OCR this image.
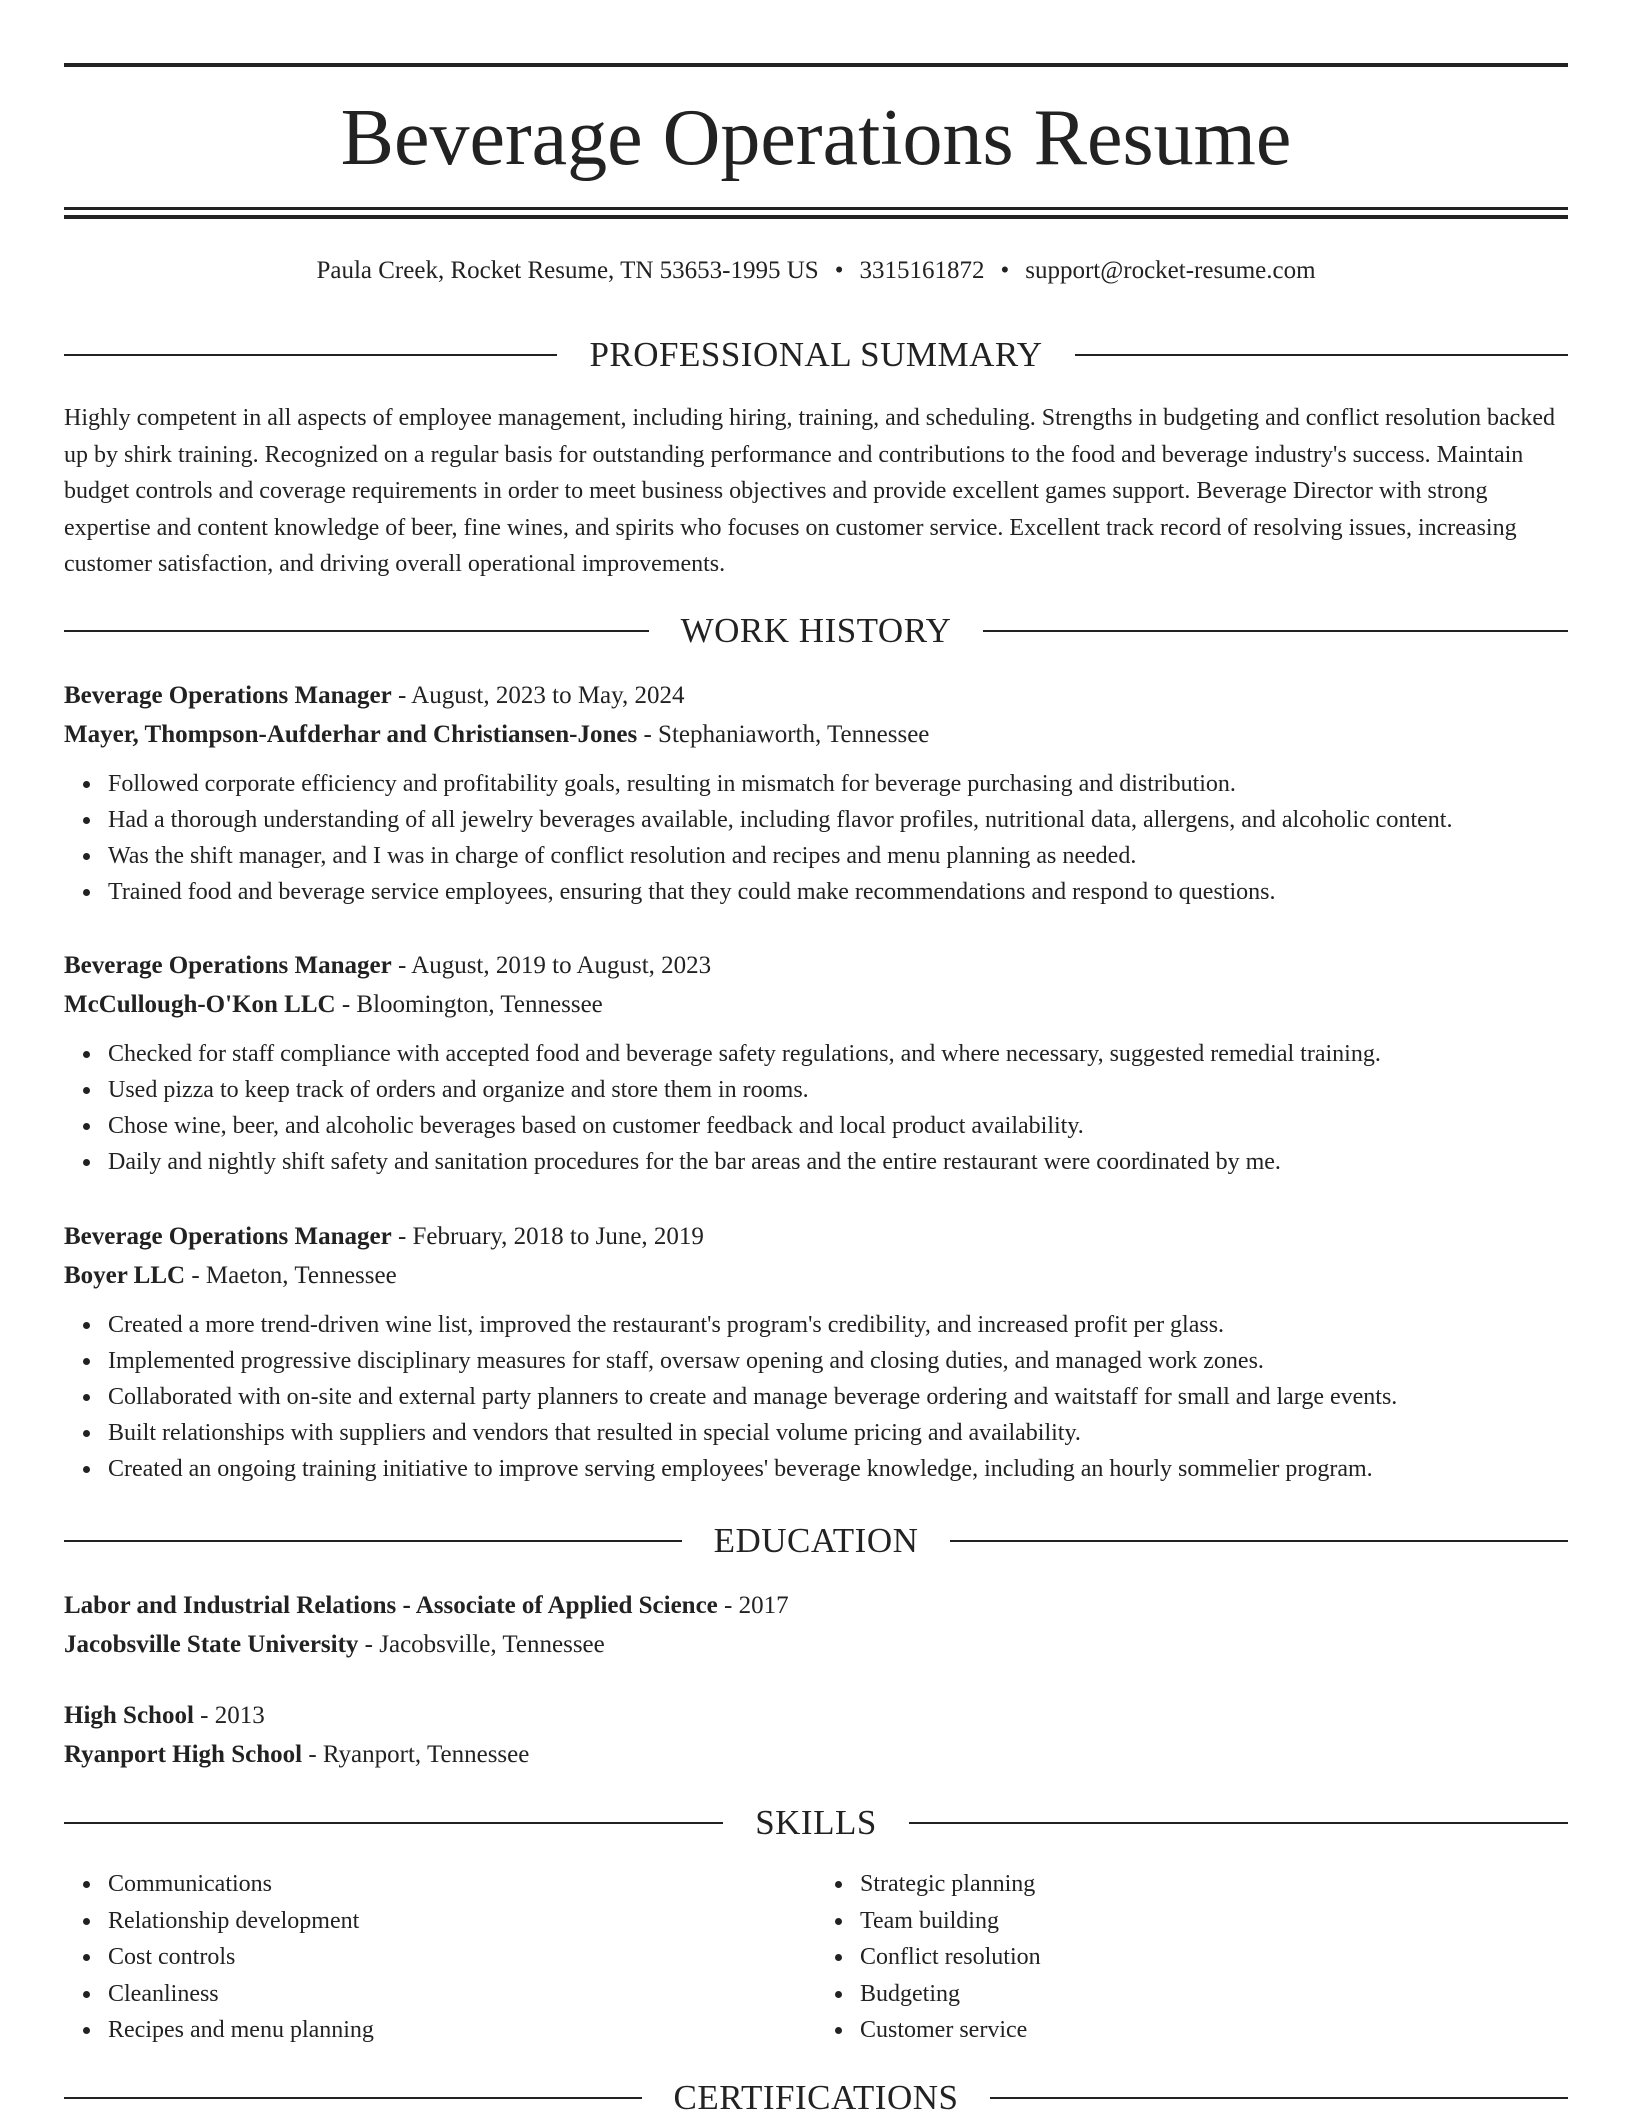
Beverage Operations Resume
Paula Creek, Rocket Resume, TN 53653-1995 US • 3315161872 • support@rocket-resume.com
PROFESSIONAL SUMMARY
Highly competent in all aspects of employee management, including hiring, training, and scheduling. Strengths in budgeting and conflict resolution backed up by shirk training. Recognized on a regular basis for outstanding performance and contributions to the food and beverage industry's success. Maintain budget controls and coverage requirements in order to meet business objectives and provide excellent games support. Beverage Director with strong expertise and content knowledge of beer, fine wines, and spirits who focuses on customer service. Excellent track record of resolving issues, increasing customer satisfaction, and driving overall operational improvements.
WORK HISTORY
Beverage Operations Manager - August, 2023 to May, 2024
Mayer, Thompson-Aufderhar and Christiansen-Jones - Stephaniaworth, Tennessee
Followed corporate efficiency and profitability goals, resulting in mismatch for beverage purchasing and distribution.
Had a thorough understanding of all jewelry beverages available, including flavor profiles, nutritional data, allergens, and alcoholic content.
Was the shift manager, and I was in charge of conflict resolution and recipes and menu planning as needed.
Trained food and beverage service employees, ensuring that they could make recommendations and respond to questions.
Beverage Operations Manager - August, 2019 to August, 2023
McCullough-O'Kon LLC - Bloomington, Tennessee
Checked for staff compliance with accepted food and beverage safety regulations, and where necessary, suggested remedial training.
Used pizza to keep track of orders and organize and store them in rooms.
Chose wine, beer, and alcoholic beverages based on customer feedback and local product availability.
Daily and nightly shift safety and sanitation procedures for the bar areas and the entire restaurant were coordinated by me.
Beverage Operations Manager - February, 2018 to June, 2019
Boyer LLC - Maeton, Tennessee
Created a more trend-driven wine list, improved the restaurant's program's credibility, and increased profit per glass.
Implemented progressive disciplinary measures for staff, oversaw opening and closing duties, and managed work zones.
Collaborated with on-site and external party planners to create and manage beverage ordering and waitstaff for small and large events.
Built relationships with suppliers and vendors that resulted in special volume pricing and availability.
Created an ongoing training initiative to improve serving employees' beverage knowledge, including an hourly sommelier program.
EDUCATION
Labor and Industrial Relations - Associate of Applied Science - 2017
Jacobsville State University - Jacobsville, Tennessee
High School - 2013
Ryanport High School - Ryanport, Tennessee
SKILLS
Communications
Relationship development
Cost controls
Cleanliness
Recipes and menu planning
Strategic planning
Team building
Conflict resolution
Budgeting
Customer service
CERTIFICATIONS
